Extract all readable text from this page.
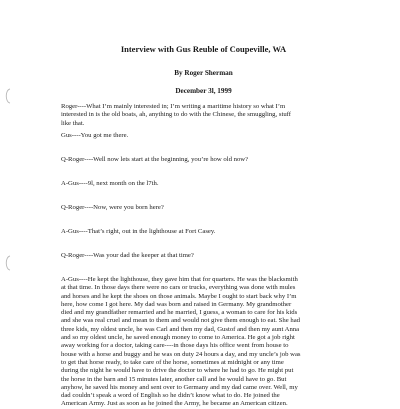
Interview with Gus Reuble of Coupeville, WA
By Roger Sherman
December 3l, 1999
Roger----What I’m mainly interested in; I’m writing a maritime history so what I’m
interested in is the old boats, ah, anything to do with the Chinese, the smuggling, stuff
like that.
Gus----You got me there.
Q-Roger----Well now lets start at the beginning, you’re how old now?
A-Gus----9l, next month on the l7th.
Q-Roger----Now, were you born here?
A-Gus----That’s right, out in the lighthouse at Fort Casey.
Q-Roger----Was your dad the keeper at that time?
A-Gus----He kept the lighthouse, they gave him that for quarters. He was the blacksmith
at that time. In those days there were no cars or trucks, everything was done with mules
and horses and he kept the shoes on those animals. Maybe I ought to start back why I’m
here, how come I got here. My dad was born and raised in Germany. My grandmother
died and my grandfather remarried and he married, I guess, a woman to care for his kids
and she was real cruel and mean to them and would not give them enough to eat. She had
three kids, my oldest uncle, he was Carl and then my dad, Gustof and then my aunt Anna
and so my oldest uncle, he saved enough money to come to America. He got a job right
away working for a doctor, taking care----in those days his office went from house to
house with a horse and buggy and he was on duty 24 hours a day, and my uncle’s job was
to get that horse ready, to take care of the horse, sometimes at midnight or any time
during the night he would have to drive the doctor to where he had to go. He might put
the horse in the barn and 15 minutes later, another call and he would have to go. But
anyhow, he saved his money and sent over to Germany and my dad came over. Well, my
dad couldn’t speak a word of English so he didn’t know what to do. He joined the
American Army. Just as soon as he joined the Army, he became an American citizen.
